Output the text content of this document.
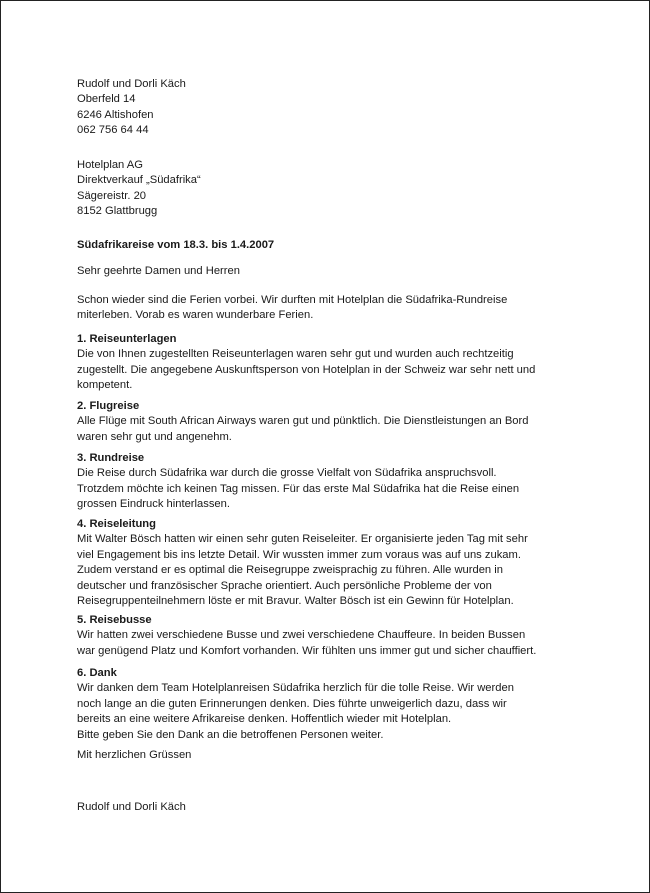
Rudolf und Dorli Käch
Oberfeld 14
6246 Altishofen
062 756 64 44
Hotelplan AG
Direktverkauf „Südafrika“
Sägereistr. 20
8152 Glattbrugg
Südafrikareise vom 18.3. bis 1.4.2007
Sehr geehrte Damen und Herren
Schon wieder sind die Ferien vorbei. Wir durften mit Hotelplan die Südafrika-Rundreise
miterleben. Vorab es waren wunderbare Ferien.
1. Reiseunterlagen
Die von Ihnen zugestellten Reiseunterlagen waren sehr gut und wurden auch rechtzeitig
zugestellt. Die angegebene Auskunftsperson von Hotelplan in der Schweiz war sehr nett und
kompetent.
2. Flugreise
Alle Flüge mit South African Airways waren gut und pünktlich. Die Dienstleistungen an Bord
waren sehr gut und angenehm.
3. Rundreise
Die Reise durch Südafrika war durch die grosse Vielfalt von Südafrika anspruchsvoll.
Trotzdem möchte ich keinen Tag missen. Für das erste Mal Südafrika hat die Reise einen
grossen Eindruck hinterlassen.
4. Reiseleitung
Mit Walter Bösch hatten wir einen sehr guten Reiseleiter. Er organisierte jeden Tag mit sehr
viel Engagement bis ins letzte Detail. Wir wussten immer zum voraus was auf uns zukam.
Zudem verstand er es optimal die Reisegruppe zweisprachig zu führen. Alle wurden in
deutscher und französischer Sprache orientiert. Auch persönliche Probleme der von
Reisegruppenteilnehmern löste er mit Bravur. Walter Bösch ist ein Gewinn für Hotelplan.
5. Reisebusse
Wir hatten zwei verschiedene Busse und zwei verschiedene Chauffeure. In beiden Bussen
war genügend Platz und Komfort vorhanden. Wir fühlten uns immer gut und sicher chauffiert.
6. Dank
Wir danken dem Team Hotelplanreisen Südafrika herzlich für die tolle Reise. Wir werden
noch lange an die guten Erinnerungen denken. Dies führte unweigerlich dazu, dass wir
bereits an eine weitere Afrikareise denken. Hoffentlich wieder mit Hotelplan.
Bitte geben Sie den Dank an die betroffenen Personen weiter.
Mit herzlichen Grüssen
Rudolf und Dorli Käch
